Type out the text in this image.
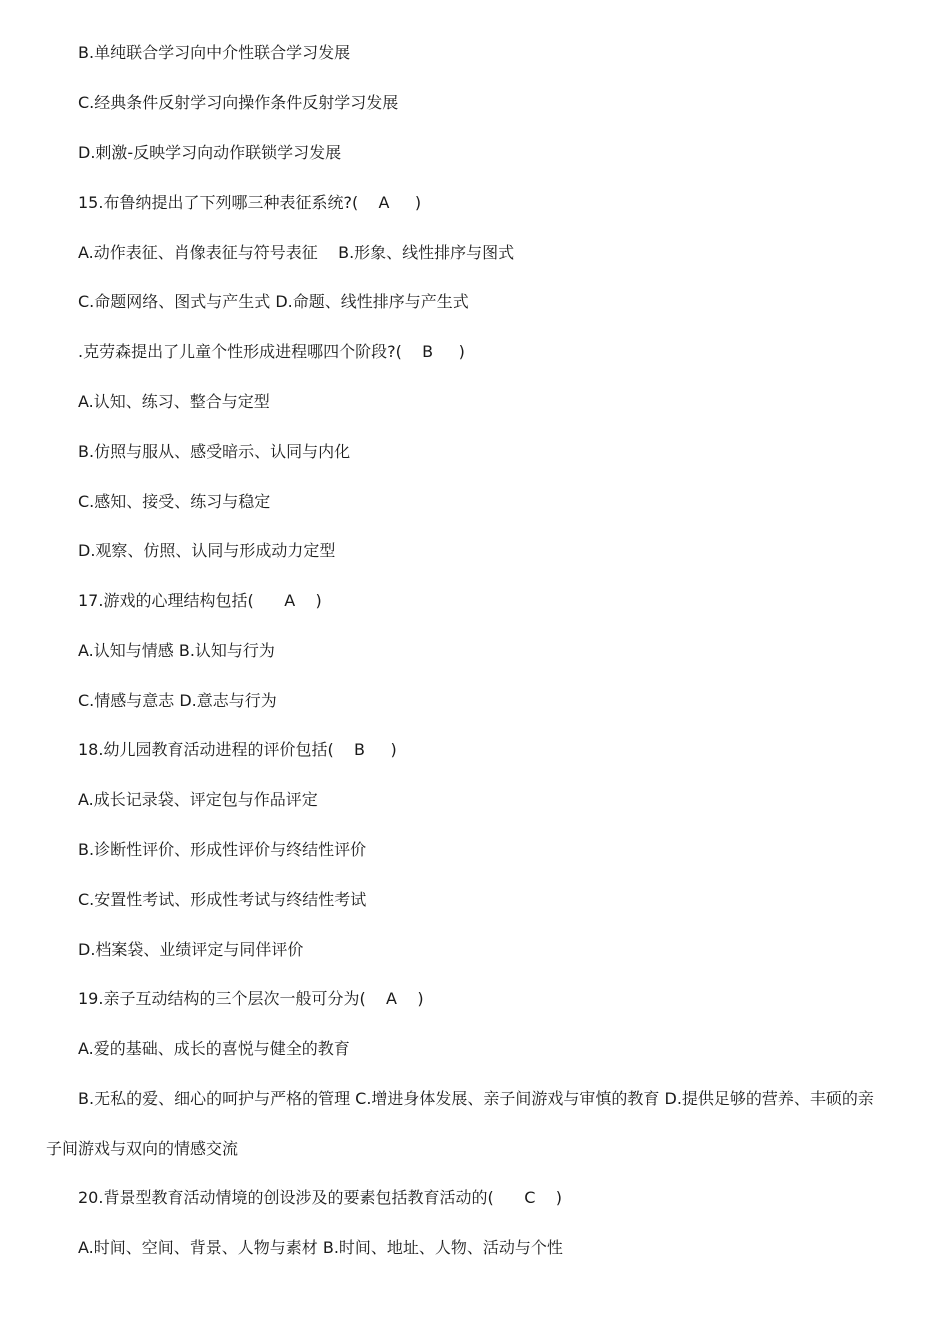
B.单纯联合学习向中介性联合学习发展
C.经典条件反射学习向操作条件反射学习发展
D.刺激-反映学习向动作联锁学习发展
15.布鲁纳提出了下列哪三种表征系统?(    A     )
A.动作表征、肖像表征与符号表征    B.形象、线性排序与图式
C.命题网络、图式与产生式 D.命题、线性排序与产生式
.克劳森提出了儿童个性形成进程哪四个阶段?(    B     )
A.认知、练习、整合与定型
B.仿照与服从、感受暗示、认同与内化
C.感知、接受、练习与稳定
D.观察、仿照、认同与形成动力定型
17.游戏的心理结构包括(      A    )
A.认知与情感 B.认知与行为
C.情感与意志 D.意志与行为
18.幼儿园教育活动进程的评价包括(    B     )
A.成长记录袋、评定包与作品评定
B.诊断性评价、形成性评价与终结性评价
C.安置性考试、形成性考试与终结性考试
D.档案袋、业绩评定与同伴评价
19.亲子互动结构的三个层次一般可分为(    A    )
A.爱的基础、成长的喜悦与健全的教育
B.无私的爱、细心的呵护与严格的管理 C.增进身体发展、亲子间游戏与审慎的教育 D.提供足够的营养、丰硕的亲
子间游戏与双向的情感交流
20.背景型教育活动情境的创设涉及的要素包括教育活动的(      C    )
A.时间、空间、背景、人物与素材 B.时间、地址、人物、活动与个性
